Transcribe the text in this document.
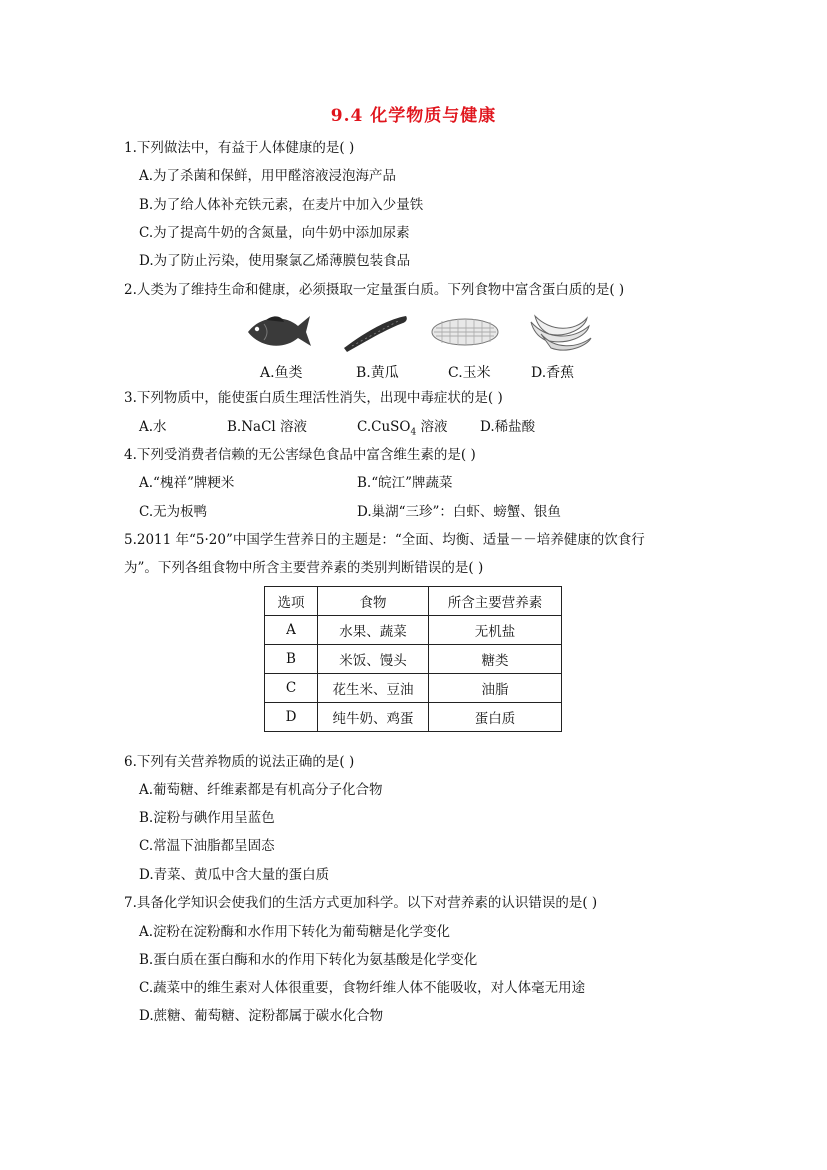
9.4 化学物质与健康
1.下列做法中，有益于人体健康的是( )
A.为了杀菌和保鲜，用甲醛溶液浸泡海产品
B.为了给人体补充铁元素，在麦片中加入少量铁
C.为了提高牛奶的含氮量，向牛奶中添加尿素
D.为了防止污染，使用聚氯乙烯薄膜包装食品
2.人类为了维持生命和健康，必须摄取一定量蛋白质。下列食物中富含蛋白质的是( )
A.鱼类	B.黄瓜	C.玉米	D.香蕉
3.下列物质中，能使蛋白质生理活性消失，出现中毒症状的是( )
A.水	B.NaCl 溶液	C.CuSO$_4$ 溶液 D.稀盐酸
4.下列受消费者信赖的无公害绿色食品中富含维生素的是( )
A.“槐祥”牌粳米	B.“皖江”牌蔬菜
C.无为板鸭	D.巢湖“三珍”：白虾、螃蟹、银鱼
5.2011 年“5·20”中国学生营养日的主题是：“全面、均衡、适量－－培养健康的饮食行
为”。下列各组食物中所含主要营养素的类别判断错误的是( )
选项	食物	所含主要营养素
A	水果、蔬菜	无机盐
B	米饭、馒头	糖类
C	花生米、豆油	油脂
D	纯牛奶、鸡蛋	蛋白质
6.下列有关营养物质的说法正确的是( )
A.葡萄糖、纤维素都是有机高分子化合物
B.淀粉与碘作用呈蓝色
C.常温下油脂都呈固态
D.青菜、黄瓜中含大量的蛋白质
7.具备化学知识会使我们的生活方式更加科学。以下对营养素的认识错误的是( )
A.淀粉在淀粉酶和水作用下转化为葡萄糖是化学变化
B.蛋白质在蛋白酶和水的作用下转化为氨基酸是化学变化
C.蔬菜中的维生素对人体很重要，食物纤维人体不能吸收，对人体毫无用途
D.蔗糖、葡萄糖、淀粉都属于碳水化合物
